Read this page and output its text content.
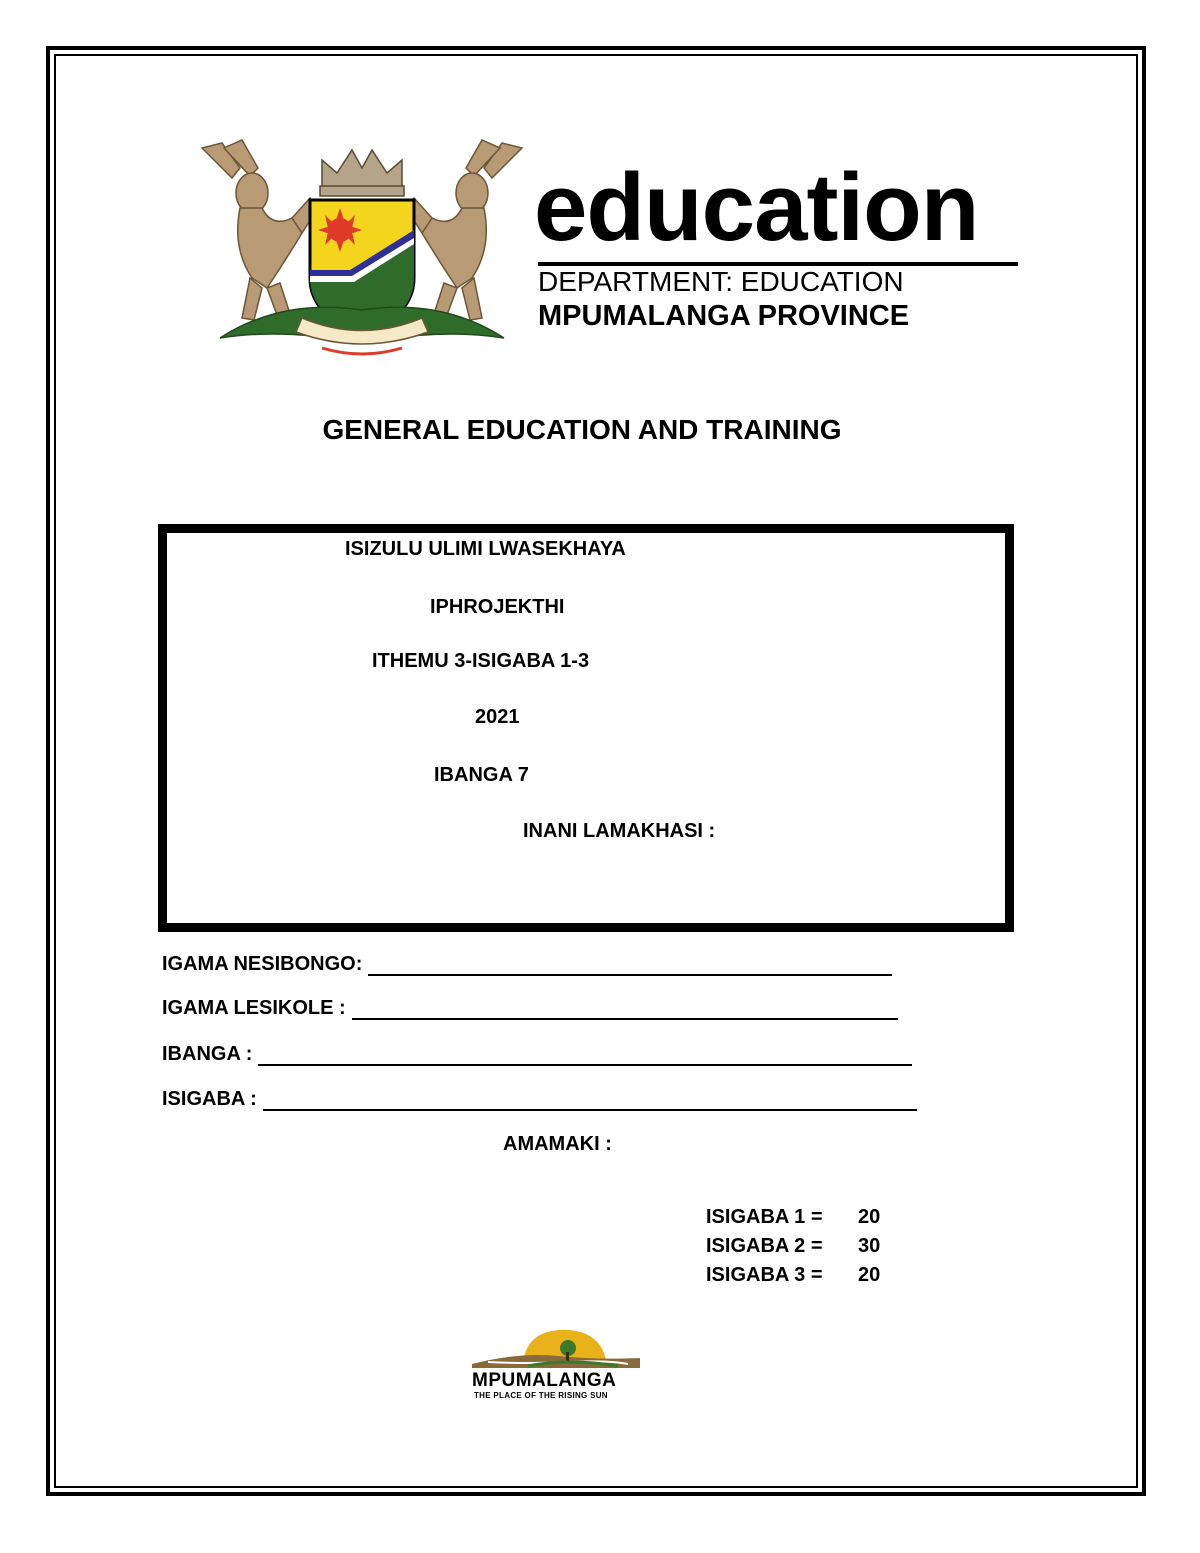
education
DEPARTMENT: EDUCATION
MPUMALANGA PROVINCE
GENERAL EDUCATION AND TRAINING
ISIZULU ULIMI LWASEKHAYA
IPHROJEKTHI
ITHEMU 3-ISIGABA 1-3
2021
IBANGA 7
INANI LAMAKHASI :
IGAMA NESIBONGO:
IGAMA LESIKOLE :
IBANGA :
ISIGABA :
AMAMAKI :
ISIGABA 1 = 20
ISIGABA 2 = 30
ISIGABA 3 = 20
MPUMALANGA
THE PLACE OF THE RISING SUN
